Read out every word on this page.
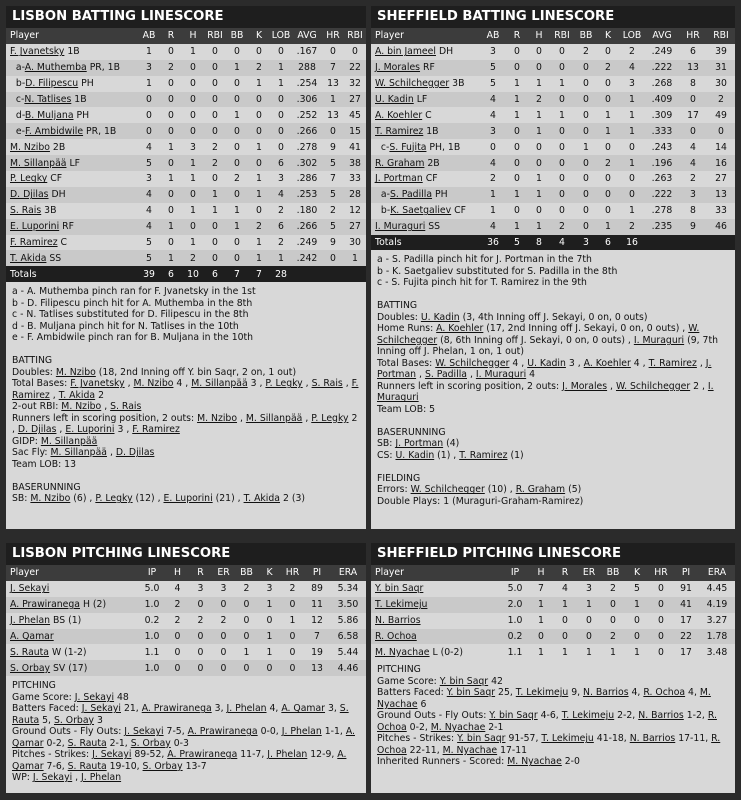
LISBON BATTING LINESCORE
Player	AB	R	H	RBI	BB	K	LOB	AVG	HR	RBI
F. Jvanetsky 1B	1	0	1	0	0	0	0	.167	0	0
a-A. Muthemba PR, 1B	3	2	0	0	1	2	1	288	7	22
b-D. Filipescu PH	1	0	0	0	0	1	1	.254	13	32
c-N. Tatlises 1B	0	0	0	0	0	0	0	.306	1	27
d-B. Muljana PH	0	0	0	0	1	0	0	.252	13	45
e-F. Ambidwile PR, 1B	0	0	0	0	0	0	0	.266	0	15
M. Nzibo 2B	4	1	3	2	0	1	0	.278	9	41
M. Sillanpää LF	5	0	1	2	0	0	6	.302	5	38
P. Legky CF	3	1	1	0	2	1	3	.286	7	33
D. Djilas DH	4	0	0	1	0	1	4	.253	5	28
S. Rais 3B	4	0	1	1	1	0	2	.180	2	12
E. Luporini RF	4	1	0	0	1	2	6	.266	5	27
F. Ramirez C	5	0	1	0	0	1	2	.249	9	30
T. Akida SS	5	1	2	0	0	1	1	.242	0	1
Totals	39	6	10	6	7	7	28			
a - A. Muthemba pinch ran for F. Jvanetsky in the 1st
b - D. Filipescu pinch hit for A. Muthemba in the 8th
c - N. Tatlises substituted for D. Filipescu in the 8th
d - B. Muljana pinch hit for N. Tatlises in the 10th
e - F. Ambidwile pinch ran for B. Muljana in the 10th
BATTING
Doubles: M. Nzibo (18, 2nd Inning off Y. bin Saqr, 2 on, 1 out)
Total Bases: F. Jvanetsky , M. Nzibo 4 , M. Sillanpää 3 , P. Legky , S. Rais , F. Ramirez , T. Akida 2
2-out RBI: M. Nzibo , S. Rais
Runners left in scoring position, 2 outs: M. Nzibo , M. Sillanpää , P. Legky 2 , D. Djilas , E. Luporini 3 , F. Ramirez
GIDP: M. Sillanpää
Sac Fly: M. Sillanpää , D. Djilas
Team LOB: 13
BASERUNNING
SB: M. Nzibo (6) , P. Legky (12) , E. Luporini (21) , T. Akida 2 (3)
SHEFFIELD BATTING LINESCORE
Player	AB	R	H	RBI	BB	K	LOB	AVG	HR	RBI
A. bin Jameel DH	3	0	0	0	2	0	2	.249	6	39
J. Morales RF	5	0	0	0	0	2	4	.222	13	31
W. Schilchegger 3B	5	1	1	1	0	0	3	.268	8	30
U. Kadin LF	4	1	2	0	0	0	1	.409	0	2
A. Koehler C	4	1	1	1	0	1	1	.309	17	49
T. Ramirez 1B	3	0	1	0	0	1	1	.333	0	0
c-S. Fujita PH, 1B	0	0	0	0	1	0	0	.243	4	14
R. Graham 2B	4	0	0	0	0	2	1	.196	4	16
J. Portman CF	2	0	1	0	0	0	0	.263	2	27
a-S. Padilla PH	1	1	1	0	0	0	0	.222	3	13
b-K. Saetgaliev CF	1	0	0	0	0	0	1	.278	8	33
I. Muraguri SS	4	1	1	2	0	1	2	.235	9	46
Totals	36	5	8	4	3	6	16			
a - S. Padilla pinch hit for J. Portman in the 7th
b - K. Saetgaliev substituted for S. Padilla in the 8th
c - S. Fujita pinch hit for T. Ramirez in the 9th
BATTING
Doubles: U. Kadin (3, 4th Inning off J. Sekayi, 0 on, 0 outs)
Home Runs: A. Koehler (17, 2nd Inning off J. Sekayi, 0 on, 0 outs) , W. Schilchegger (8, 6th Inning off J. Sekayi, 0 on, 0 outs) , I. Muraguri (9, 7th Inning off J. Phelan, 1 on, 1 out)
Total Bases: W. Schilchegger 4 , U. Kadin 3 , A. Koehler 4 , T. Ramirez , J. Portman , S. Padilla , I. Muraguri 4
Runners left in scoring position, 2 outs: J. Morales , W. Schilchegger 2 , I. Muraguri
Team LOB: 5
BASERUNNING
SB: J. Portman (4)
CS: U. Kadin (1) , T. Ramirez (1)
FIELDING
Errors: W. Schilchegger (10) , R. Graham (5)
Double Plays: 1 (Muraguri-Graham-Ramirez)
LISBON PITCHING LINESCORE
Player	IP	H	R	ER	BB	K	HR	PI	ERA
J. Sekayi	5.0	4	3	3	2	3	2	89	5.34
A. Prawiranega H (2)	1.0	2	0	0	0	1	0	11	3.50
J. Phelan BS (1)	0.2	2	2	2	0	0	1	12	5.86
A. Qamar	1.0	0	0	0	0	1	0	7	6.58
S. Rauta W (1-2)	1.1	0	0	0	1	1	0	19	5.44
S. Orbay SV (17)	1.0	0	0	0	0	0	0	13	4.46
PITCHING
Game Score: J. Sekayi 48
Batters Faced: J. Sekayi 21, A. Prawiranega 3, J. Phelan 4, A. Qamar 3, S. Rauta 5, S. Orbay 3
Ground Outs - Fly Outs: J. Sekayi 7-5, A. Prawiranega 0-0, J. Phelan 1-1, A. Qamar 0-2, S. Rauta 2-1, S. Orbay 0-3
Pitches - Strikes: J. Sekayi 89-52, A. Prawiranega 11-7, J. Phelan 12-9, A. Qamar 7-6, S. Rauta 19-10, S. Orbay 13-7
WP: J. Sekayi , J. Phelan
SHEFFIELD PITCHING LINESCORE
Player	IP	H	R	ER	BB	K	HR	PI	ERA
Y. bin Saqr	5.0	7	4	3	2	5	0	91	4.45
T. Lekimeju	2.0	1	1	1	0	1	0	41	4.19
N. Barrios	1.0	1	0	0	0	0	0	17	3.27
R. Ochoa	0.2	0	0	0	2	0	0	22	1.78
M. Nyachae L (0-2)	1.1	1	1	1	1	1	0	17	3.48
PITCHING
Game Score: Y. bin Saqr 42
Batters Faced: Y. bin Saqr 25, T. Lekimeju 9, N. Barrios 4, R. Ochoa 4, M. Nyachae 6
Ground Outs - Fly Outs: Y. bin Saqr 4-6, T. Lekimeju 2-2, N. Barrios 1-2, R. Ochoa 0-2, M. Nyachae 2-1
Pitches - Strikes: Y. bin Saqr 91-57, T. Lekimeju 41-18, N. Barrios 17-11, R. Ochoa 22-11, M. Nyachae 17-11
Inherited Runners - Scored: M. Nyachae 2-0
